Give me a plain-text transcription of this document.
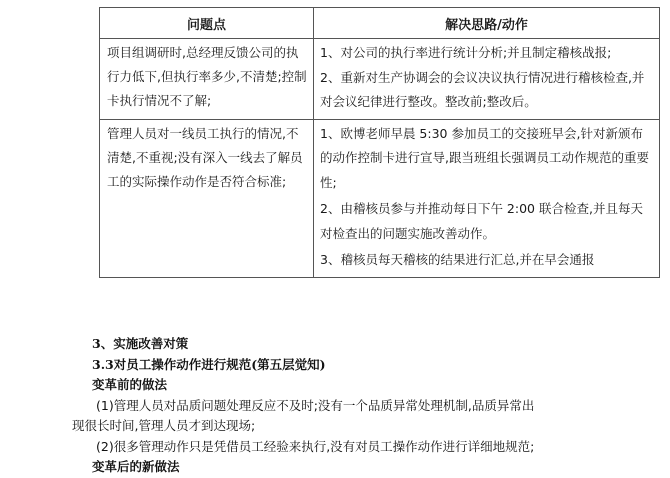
问题点	解决思路/动作

项目组调研时,总经理反馈公司的执行力低下,但执行率多少,不清楚;控制卡执行情况不了解;	1、对公司的执行率进行统计分析;并且制定稽核战报;

2、重新对生产协调会的会议决议执行情况进行稽核检查,并对会议纪律进行整改。整改前;整改后。

管理人员对一线员工执行的情况,不清楚,不重视;没有深入一线去了解员工的实际操作动作是否符合标准;	1、欧博老师早晨 5:30 参加员工的交接班早会,针对新颁布的动作控制卡进行宣导,跟当班组长强调员工动作规范的重要性;

2、由稽核员参与并推动每日下午 2:00 联合检查,并且每天对检查出的问题实施改善动作。

3、稽核员每天稽核的结果进行汇总,并在早会通报

3、实施改善对策
3.3对员工操作动作进行规范(第五层觉知)
变革前的做法
(1)管理人员对品质问题处理反应不及时;没有一个品质异常处理机制,品质异常出
现很长时间,管理人员才到达现场;
(2)很多管理动作只是凭借员工经验来执行,没有对员工操作动作进行详细地规范;
变革后的新做法
